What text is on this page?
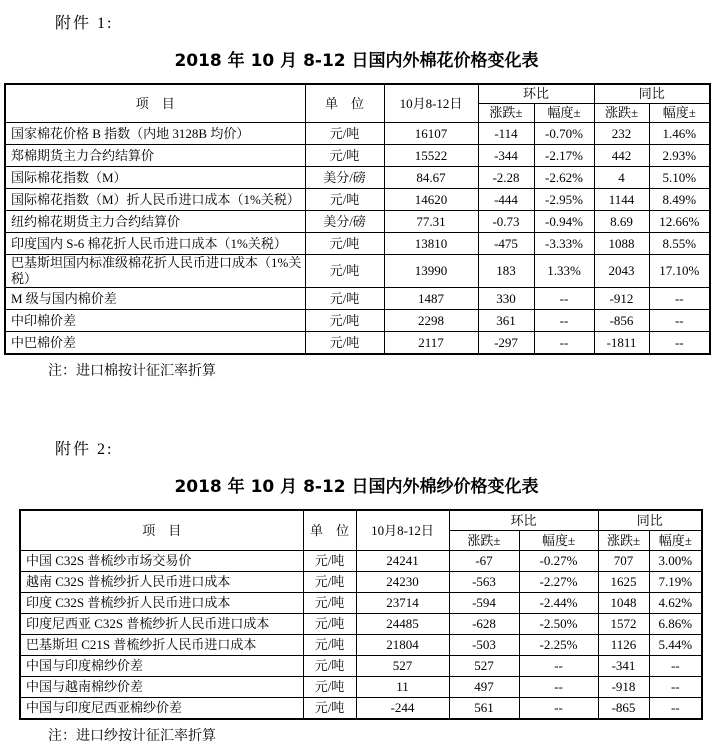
附件 1:
2018 年 10 月 8-12 日国内外棉花价格变化表
项　目	单　位	10月8-12日	环比		同比	
			涨跌±	幅度±	涨跌±	幅度±
国家棉花价格 B 指数（内地 3128B 均价）	元/吨	16107	-114	-0.70%	232	1.46%
郑棉期货主力合约结算价	元/吨	15522	-344	-2.17%	442	2.93%
国际棉花指数（M）	美分/磅	84.67	-2.28	-2.62%	4	5.10%
国际棉花指数（M）折人民币进口成本（1%关税）	元/吨	14620	-444	-2.95%	1144	8.49%
纽约棉花期货主力合约结算价	美分/磅	77.31	-0.73	-0.94%	8.69	12.66%
印度国内 S-6 棉花折人民币进口成本（1%关税）	元/吨	13810	-475	-3.33%	1088	8.55%
巴基斯坦国内标准级棉花折人民币进口成本（1%关税）	元/吨	13990	183	1.33%	2043	17.10%
M 级与国内棉价差	元/吨	1487	330	--	-912	--
中印棉价差	元/吨	2298	361	--	-856	--
中巴棉价差	元/吨	2117	-297	--	-1811	--
注：进口棉按计征汇率折算
附件 2:
2018 年 10 月 8-12 日国内外棉纱价格变化表
项　目	单　位	10月8-12日	环比		同比	
			涨跌±	幅度±	涨跌±	幅度±
中国 C32S 普梳纱市场交易价	元/吨	24241	-67	-0.27%	707	3.00%
越南 C32S 普梳纱折人民币进口成本	元/吨	24230	-563	-2.27%	1625	7.19%
印度 C32S 普梳纱折人民币进口成本	元/吨	23714	-594	-2.44%	1048	4.62%
印度尼西亚 C32S 普梳纱折人民币进口成本	元/吨	24485	-628	-2.50%	1572	6.86%
巴基斯坦 C21S 普梳纱折人民币进口成本	元/吨	21804	-503	-2.25%	1126	5.44%
中国与印度棉纱价差	元/吨	527	527	--	-341	--
中国与越南棉纱价差	元/吨	11	497	--	-918	--
中国与印度尼西亚棉纱价差	元/吨	-244	561	--	-865	--
注：进口纱按计征汇率折算
